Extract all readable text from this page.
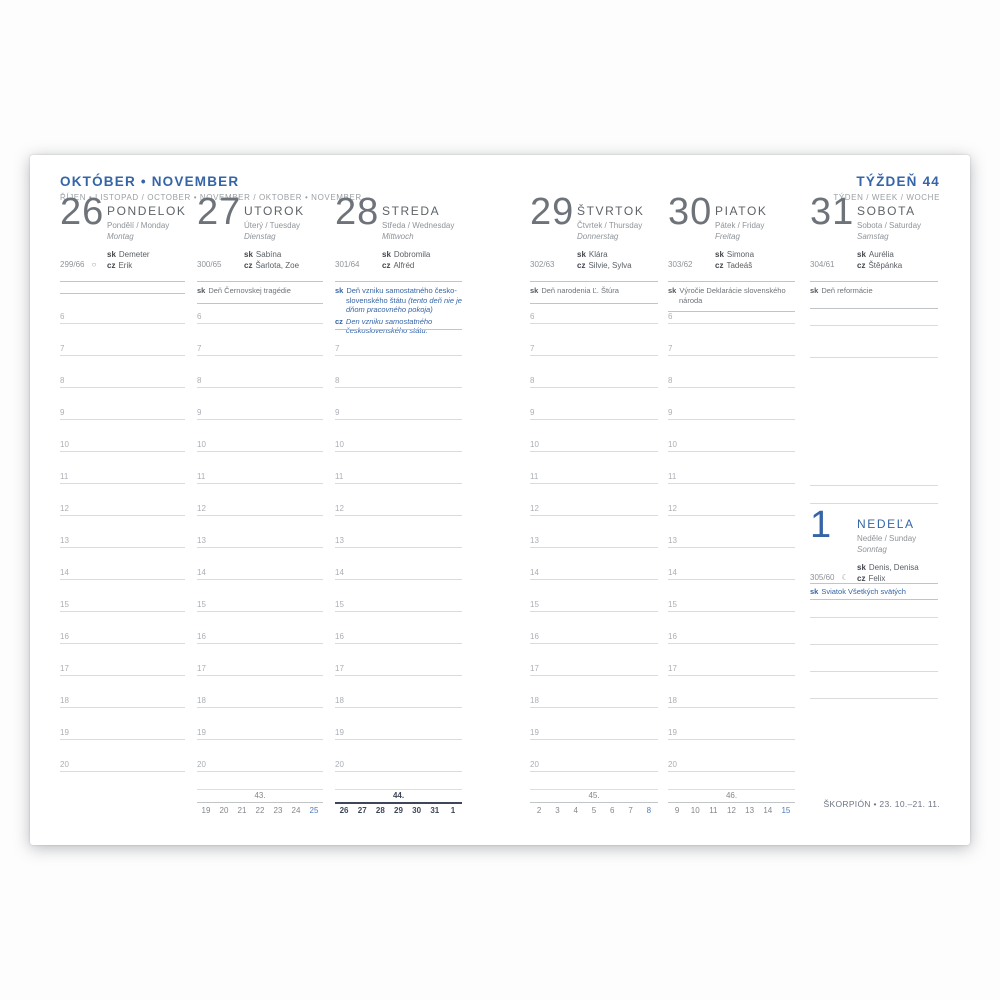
OKTÓBER • NOVEMBER
ŘÍJEN • LISTOPAD / OCTOBER • NOVEMBER / OKTOBER • NOVEMBER
TÝŽDEŇ 44
TÝDEN / WEEK / WOCHE
26 PONDELOK
Pondělí / Monday
Montag
sk Demeter
cz Erik
299/66 ○
6
7
8
9
10
11
12
13
14
15
16
17
18
19
20
27 UTOROK
Úterý / Tuesday
Dienstag
sk Sabína
cz Šarlota, Zoe
300/65
sk Deň Černovskej tragédie
6
7
8
9
10
11
12
13
14
15
16
17
18
19
20
28 STREDA
Středa / Wednesday
Mittwoch
sk Dobromila
cz Alfréd
301/64
sk Deň vzniku samostatného česko-slovenského štátu (tento deň nie je dňom pracovného pokoja)
cz Den vzniku samostatného československého státu.
7
8
9
10
11
12
13
14
15
16
17
18
19
20
29 ŠTVRTOK
Čtvrtek / Thursday
Donnerstag
sk Klára
cz Silvie, Sylva
302/63
sk Deň narodenia Ľ. Štúra
6
7
8
9
10
11
12
13
14
15
16
17
18
19
20
30 PIATOK
Pátek / Friday
Freitag
sk Simona
cz Tadeáš
303/62
sk Výročie Deklarácie slovenského národa
6
7
8
9
10
11
12
13
14
15
16
17
18
19
20
31 SOBOTA
Sobota / Saturday
Samstag
sk Aurélia
cz Štěpánka
304/61
sk Deň reformácie
1 NEDEĽA
Neděle / Sunday
Sonntag
sk Denis, Denisa
cz Felix
305/60 ☾
sk Sviatok Všetkých svätých
43.
19	20	21	22	23	24	25
44.
26	27	28	29	30	31	1
45.
2	3	4	5	6	7	8
46.
9	10	11	12	13	14	15
ŠKORPIÓN • 23. 10.–21. 11.
